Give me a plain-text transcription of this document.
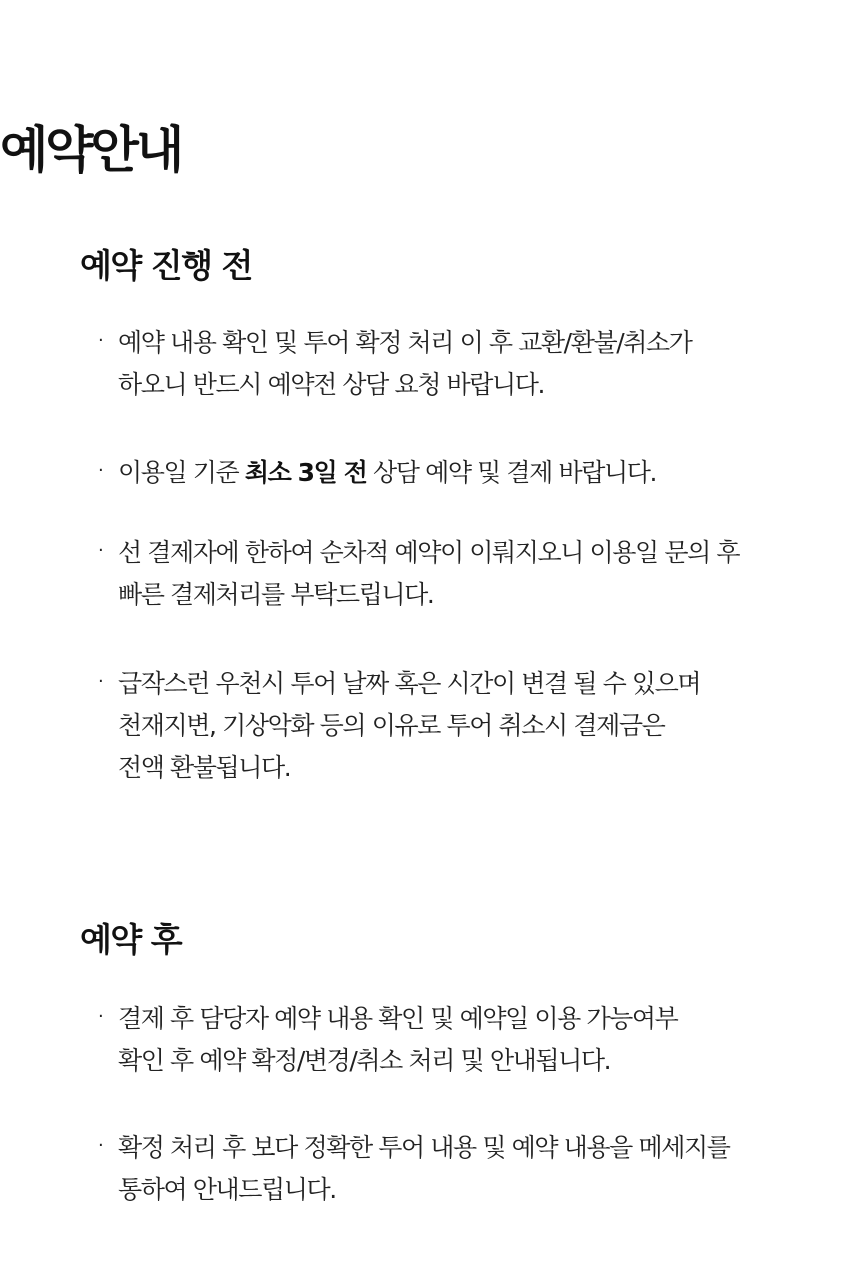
예약안내
예약 진행 전
· 예약 내용 확인 및 투어 확정 처리 이 후 교환/환불/취소가
하오니 반드시 예약전 상담 요청 바랍니다.
· 이용일 기준 최소 3일 전 상담 예약 및 결제 바랍니다.
· 선 결제자에 한하여 순차적 예약이 이뤄지오니 이용일 문의 후
빠른 결제처리를 부탁드립니다.
· 급작스런 우천시 투어 날짜 혹은 시간이 변결 될 수 있으며
천재지변, 기상악화 등의 이유로 투어 취소시 결제금은
전액 환불됩니다.
예약 후
· 결제 후 담당자 예약 내용 확인 및 예약일 이용 가능여부
확인 후 예약 확정/변경/취소 처리 및 안내됩니다.
· 확정 처리 후 보다 정확한 투어 내용 및 예약 내용을 메세지를
통하여 안내드립니다.
